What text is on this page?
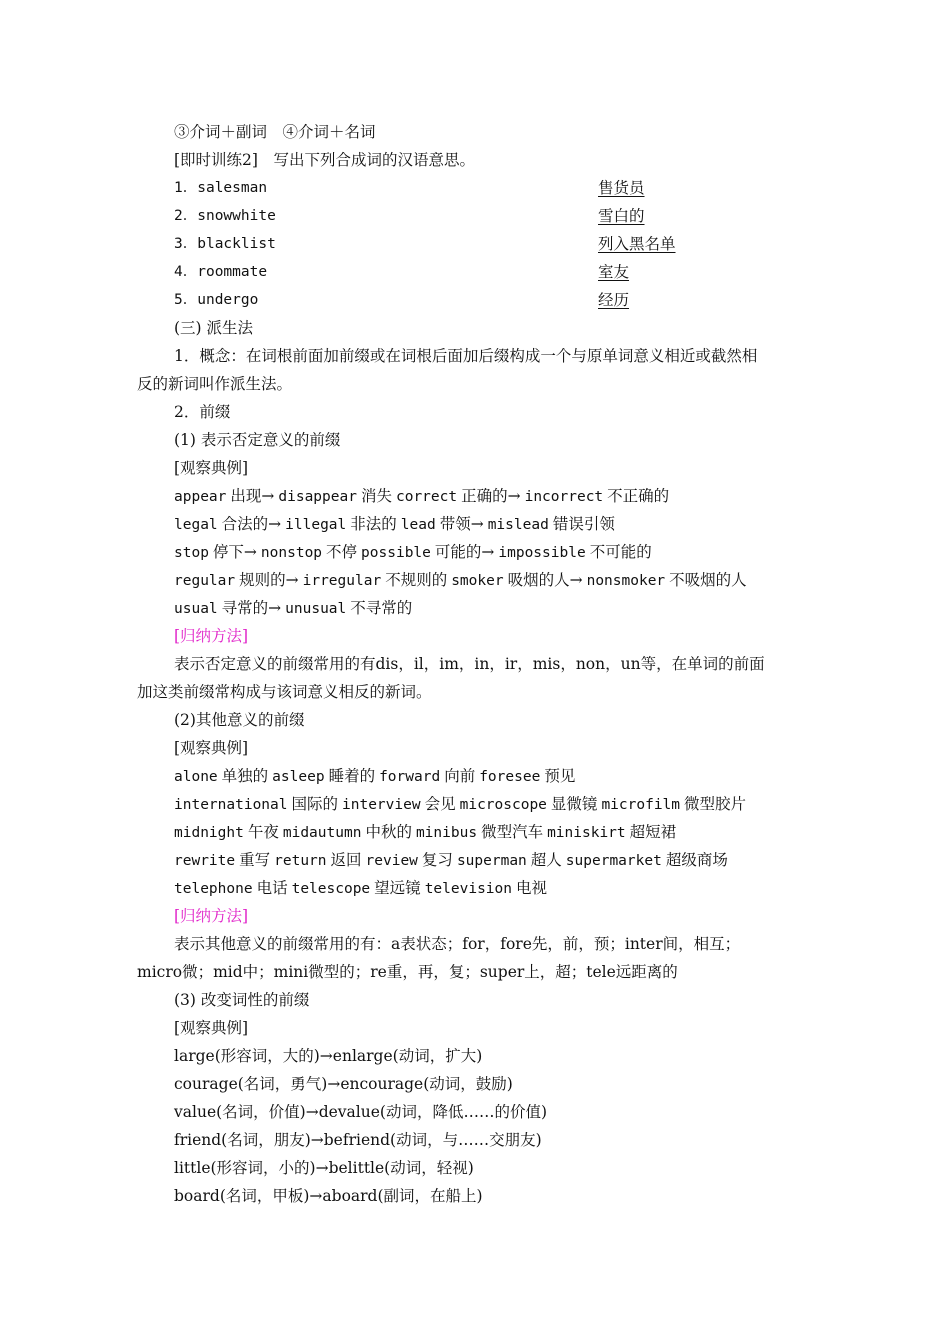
③介词＋副词　④介词＋名词
[即时训练2]　写出下列合成词的汉语意思。
1．salesman	售货员
2．snowwhite	雪白的
3．blacklist	列入黑名单
4．roommate	室友
5．undergo	经历
(三) 派生法
1．概念：在词根前面加前缀或在词根后面加后缀构成一个与原单词意义相近或截然相
反的新词叫作派生法。
2．前缀
(1) 表示否定意义的前缀
[观察典例]
appear 出现→ disappear 消失 correct 正确的→ incorrect 不正确的
legal 合法的→ illegal 非法的 lead 带领→ mislead 错误引领
stop 停下→ nonstop 不停 possible 可能的→ impossible 不可能的
regular 规则的→ irregular 不规则的 smoker 吸烟的人→ nonsmoker 不吸烟的人
usual 寻常的→ unusual 不寻常的
[归纳方法]
表示否定意义的前缀常用的有dis，il，im，in，ir，mis，non，un等，在单词的前面
加这类前缀常构成与该词意义相反的新词。
(2)其他意义的前缀
[观察典例]
alone 单独的 asleep 睡着的 forward 向前 foresee 预见
international 国际的 interview 会见 microscope 显微镜 microfilm 微型胶片
midnight 午夜 midautumn 中秋的 minibus 微型汽车 miniskirt 超短裙
rewrite 重写 return 返回 review 复习 superman 超人 supermarket 超级商场
telephone 电话 telescope 望远镜 television 电视
[归纳方法]
表示其他意义的前缀常用的有：a表状态；for，fore先，前，预；inter间，相互；
micro微；mid中；mini微型的；re重，再，复；super上，超；tele远距离的
(3) 改变词性的前缀
[观察典例]
large(形容词，大的)→enlarge(动词，扩大)
courage(名词，勇气)→encourage(动词，鼓励)
value(名词，价值)→devalue(动词，降低……的价值)
friend(名词，朋友)→befriend(动词，与……交朋友)
little(形容词，小的)→belittle(动词，轻视)
board(名词，甲板)→aboard(副词，在船上)
